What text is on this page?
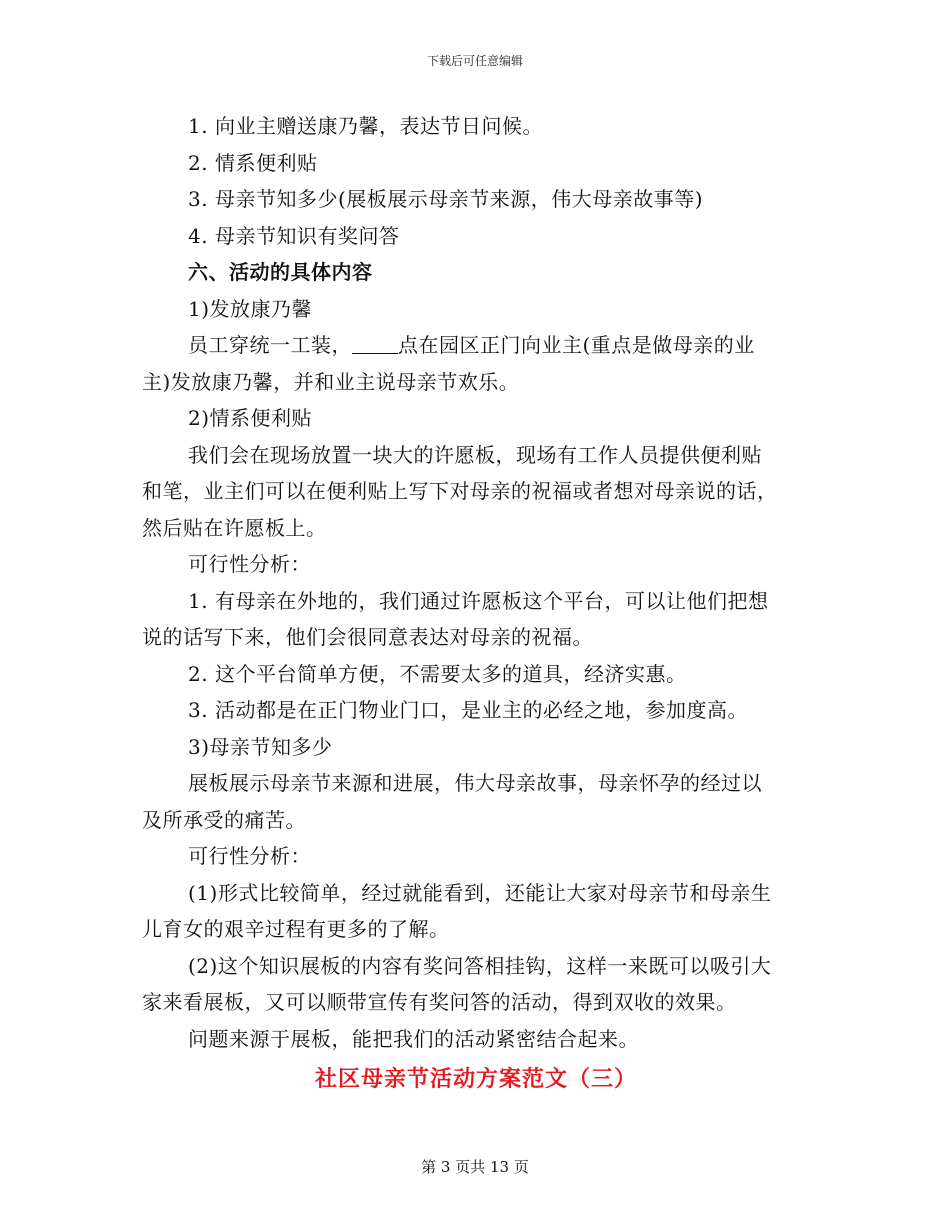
下载后可任意编辑
1. 向业主赠送康乃馨，表达节日问候。
2. 情系便利贴
3. 母亲节知多少(展板展示母亲节来源，伟大母亲故事等)
4. 母亲节知识有奖问答
六、活动的具体内容
1)发放康乃馨
员工穿统一工装， 点在园区正门向业主(重点是做母亲的业
主)发放康乃馨，并和业主说母亲节欢乐。
2)情系便利贴
我们会在现场放置一块大的许愿板，现场有工作人员提供便利贴
和笔，业主们可以在便利贴上写下对母亲的祝福或者想对母亲说的话，
然后贴在许愿板上。
可行性分析：
1. 有母亲在外地的，我们通过许愿板这个平台，可以让他们把想
说的话写下来，他们会很同意表达对母亲的祝福。
2. 这个平台简单方便，不需要太多的道具，经济实惠。
3. 活动都是在正门物业门口，是业主的必经之地，参加度高。
3)母亲节知多少
展板展示母亲节来源和进展，伟大母亲故事，母亲怀孕的经过以
及所承受的痛苦。
可行性分析：
(1)形式比较简单，经过就能看到，还能让大家对母亲节和母亲生
儿育女的艰辛过程有更多的了解。
(2)这个知识展板的内容有奖问答相挂钩，这样一来既可以吸引大
家来看展板，又可以顺带宣传有奖问答的活动，得到双收的效果。
问题来源于展板，能把我们的活动紧密结合起来。
社区母亲节活动方案范文（三）
第 3 页共 13 页
